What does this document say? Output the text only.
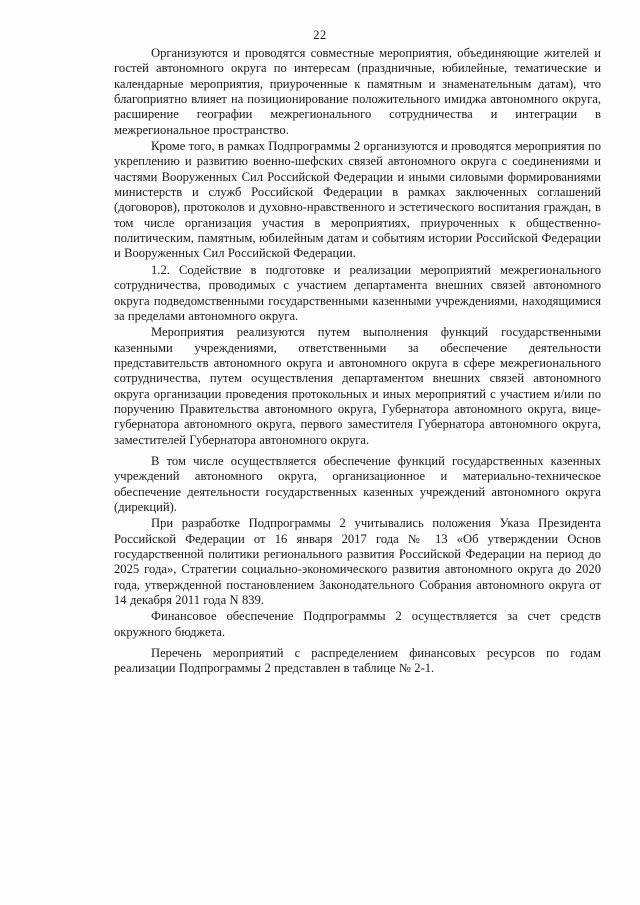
22

Организуются и проводятся совместные мероприятия, объединяющие жителей и гостей автономного округа по интересам (праздничные, юбилейные, тематические и календарные мероприятия, приуроченные к памятным и знаменательным датам), что благоприятно влияет на позиционирование положительного имиджа автономного округа, расширение географии межрегионального сотрудничества и интеграции в межрегиональное пространство.

Кроме того, в рамках Подпрограммы 2 организуются и проводятся мероприятия по укреплению и развитию военно-шефских связей автономного округа с соединениями и частями Вооруженных Сил Российской Федерации и иными силовыми формированиями министерств и служб Российской Федерации в рамках заключенных соглашений (договоров), протоколов и духовно-нравственного и эстетического воспитания граждан, в том числе организация участия в мероприятиях, приуроченных к общественно-политическим, памятным, юбилейным датам и событиям истории Российской Федерации и Вооруженных Сил Российской Федерации.

1.2. Содействие в подготовке и реализации мероприятий межрегионального сотрудничества, проводимых с участием департамента внешних связей автономного округа подведомственными государственными казенными учреждениями, находящимися за пределами автономного округа.

Мероприятия реализуются путем выполнения функций государственными казенными учреждениями, ответственными за обеспечение деятельности представительств автономного округа и автономного округа в сфере межрегионального сотрудничества, путем осуществления департаментом внешних связей автономного округа организации проведения протокольных и иных мероприятий с участием и/или по поручению Правительства автономного округа, Губернатора автономного округа, вице-губернатора автономного округа, первого заместителя Губернатора автономного округа, заместителей Губернатора автономного округа.

В том числе осуществляется обеспечение функций государственных казенных учреждений автономного округа, организационное и материально-техническое обеспечение деятельности государственных казенных учреждений автономного округа (дирекций).

При разработке Подпрограммы 2 учитывались положения Указа Президента Российской Федерации от 16 января 2017 года № 13 «Об утверждении Основ государственной политики регионального развития Российской Федерации на период до 2025 года», Стратегии социально-экономического развития автономного округа до 2020 года, утвержденной постановлением Законодательного Собрания автономного округа от 14 декабря 2011 года N 839.

Финансовое обеспечение Подпрограммы 2 осуществляется за счет средств окружного бюджета.

Перечень мероприятий с распределением финансовых ресурсов по годам реализации Подпрограммы 2 представлен в таблице № 2-1.
